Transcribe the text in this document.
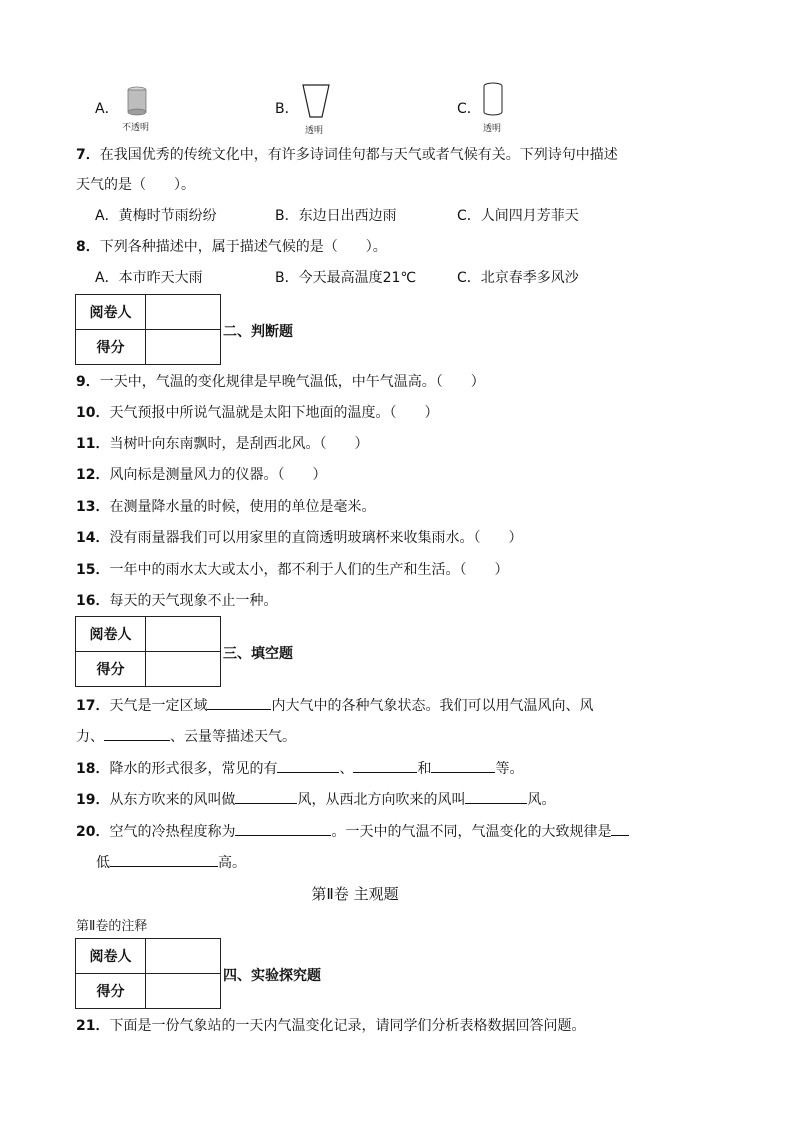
A．
不透明
B．
透明
C．
透明
7．在我国优秀的传统文化中，有许多诗词佳句都与天气或者气候有关。下列诗句中描述
天气的是（　　）。
A．黄梅时节雨纷纷	B．东边日出西边雨	C．人间四月芳菲天
8．下列各种描述中，属于描述气候的是（　　）。
A．本市昨天大雨	B．今天最高温度21℃	C．北京春季多风沙
阅卷人	
得分	
二、判断题
9．一天中，气温的变化规律是早晚气温低，中午气温高。（　　）
10．天气预报中所说气温就是太阳下地面的温度。（　　）
11．当树叶向东南飘时，是刮西北风。（　　）
12．风向标是测量风力的仪器。（　　）
13．在测量降水量的时候，使用的单位是毫米。
14．没有雨量器我们可以用家里的直筒透明玻璃杯来收集雨水。（　　）
15．一年中的雨水太大或太小，都不利于人们的生产和生活。（　　）
16．每天的天气现象不止一种。
阅卷人	
得分	
三、填空题
17．天气是一定区域	内大气中的各种气象状态。我们可以用气温风向、风
力、	、云量等描述天气。
18．降水的形式很多，常见的有	、	和	等。
19．从东方吹来的风叫做	风，从西北方向吹来的风叫	风。
20．空气的冷热程度称为	。一天中的气温不同，气温变化的大致规律是
低	高。
第Ⅱ卷 主观题
第Ⅱ卷的注释
阅卷人	
得分	
四、实验探究题
21．下面是一份气象站的一天内气温变化记录，请同学们分析表格数据回答问题。
